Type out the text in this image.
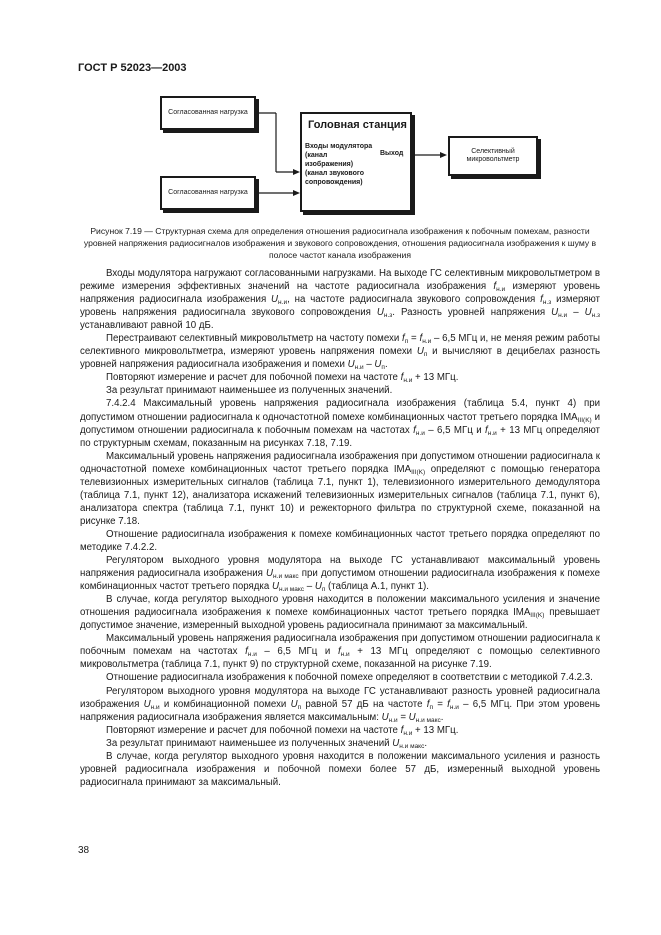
ГОСТ Р 52023—2003
Согласованная нагрузка
Согласованная нагрузка
Головная станция
Входы модулятора (канал изображения) (канал звукового сопровождения)
Выход	Селективный микровольтметр
Рисунок 7.19 — Структурная схема для определения отношения радиосигнала изображения к побочным помехам, разности уровней напряжения радиосигналов изображения и звукового сопровождения, отношения радиосигнала изображения к шуму в полосе частот канала изображения

Входы модулятора нагружают согласованными нагрузками. На выходе ГС селективным микровольтметром в режиме измерения эффективных значений на частоте радиосигнала изображения $f_{н.и}$ измеряют уровень напряжения радиосигнала изображения $U_{н.и}$, на частоте радиосигнала звукового сопровождения $f_{н.з}$ измеряют уровень напряжения радиосигнала звукового сопровождения $U_{н.з}$. Разность уровней напряжения $U_{н.и} - U_{н.з}$ устанавливают равной 10 дБ.

Перестраивают селективный микровольтметр на частоту помехи $f_п = f_{н.и} - 6,5$ МГц и, не меняя режим работы селективного микровольтметра, измеряют уровень напряжения помехи $U_п$ и вычисляют в децибелах разность уровней напряжения радиосигнала изображения и помехи $U_{н.и} - U_п$.

Повторяют измерение и расчет для побочной помехи на частоте $f_{н.и} + 13$ МГц.

За результат принимают наименьшее из полученных значений.

7.4.2.4 Максимальный уровень напряжения радиосигнала изображения (таблица 5.4, пункт 4) при допустимом отношении радиосигнала к одночастотной помехе комбинационных частот третьего порядка $IMA_{III(K)}$ и допустимом отношении радиосигнала к побочным помехам на частотах $f_{н.и} - 6,5$ МГц и $f_{н.и} + 13$ МГц определяют по структурным схемам, показанным на рисунках 7.18, 7.19.

Максимальный уровень напряжения радиосигнала изображения при допустимом отношении радиосигнала к одночастотной помехе комбинационных частот третьего порядка $IMA_{III(K)}$ определяют с помощью генератора телевизионных измерительных сигналов (таблица 7.1, пункт 1), телевизионного измерительного демодулятора (таблица 7.1, пункт 12), анализатора искажений телевизионных измерительных сигналов (таблица 7.1, пункт 6), анализатора спектра (таблица 7.1, пункт 10) и режекторного фильтра по структурной схеме, показанной на рисунке 7.18.

Отношение радиосигнала изображения к помехе комбинационных частот третьего порядка определяют по методике 7.4.2.2.

Регулятором выходного уровня модулятора на выходе ГС устанавливают максимальный уровень напряжения радиосигнала изображения $U_{н.и макс}$ при допустимом отношении радиосигнала изображения к помехе комбинационных частот третьего порядка $U_{н.и макс} - U_п$ (таблица А.1, пункт 1).

В случае, когда регулятор выходного уровня находится в положении максимального усиления и значение отношения радиосигнала изображения к помехе комбинационных частот третьего порядка $IMA_{III(K)}$ превышает допустимое значение, измеренный выходной уровень радиосигнала принимают за максимальный.

Максимальный уровень напряжения радиосигнала изображения при допустимом отношении радиосигнала к побочным помехам на частотах $f_{н.и} - 6,5$ МГц и $f_{н.и} + 13$ МГц определяют с помощью селективного микровольтметра (таблица 7.1, пункт 9) по структурной схеме, показанной на рисунке 7.19.

Отношение радиосигнала изображения к побочной помехе определяют в соответствии с методикой 7.4.2.3.

Регулятором выходного уровня модулятора на выходе ГС устанавливают разность уровней радиосигнала изображения $U_{н.и}$ и комбинационной помехи $U_п$ равной 57 дБ на частоте $f_п = f_{н.и} - 6,5$ МГц. При этом уровень напряжения радиосигнала изображения является максимальным: $U_{н.и} = U_{н.и макс}$.

Повторяют измерение и расчет для побочной помехи на частоте $f_{н.и} + 13$ МГц.

За результат принимают наименьшее из полученных значений $U_{н.и макс}$.

В случае, когда регулятор выходного уровня находится в положении максимального усиления и разность уровней радиосигнала изображения и побочной помехи более 57 дБ, измеренный выходной уровень радиосигнала принимают за максимальный.

38
